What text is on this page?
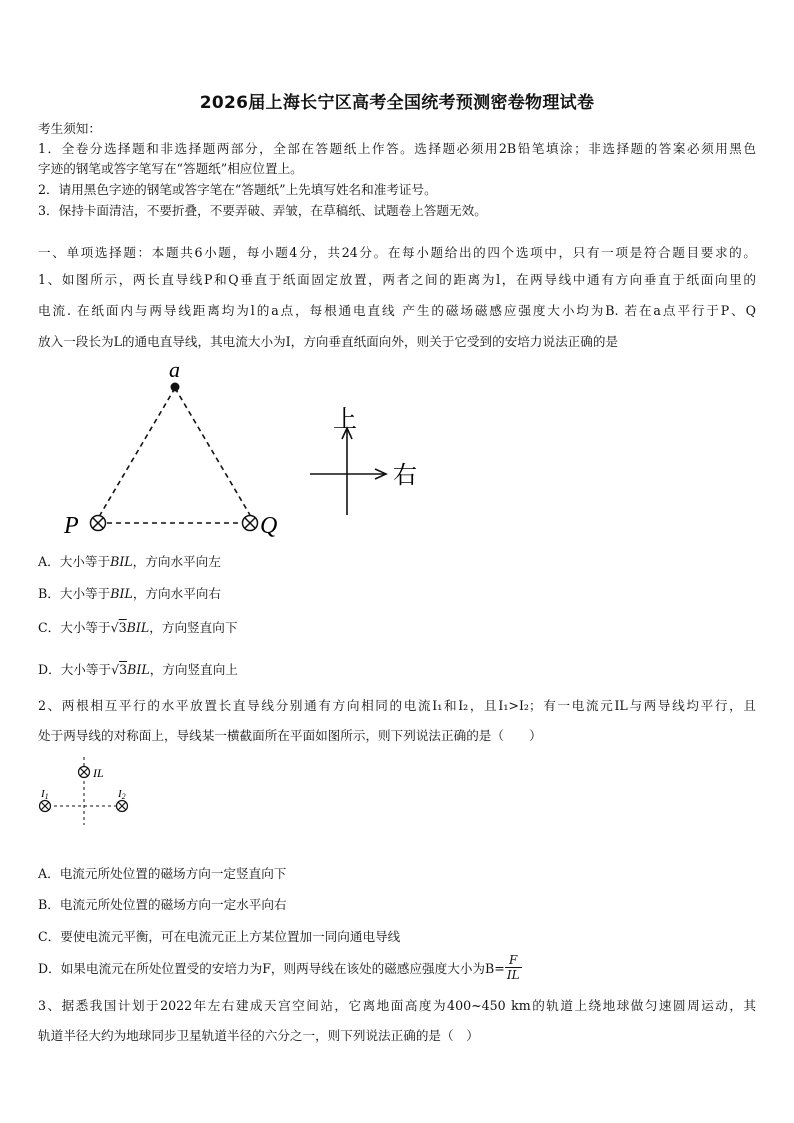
2026届上海长宁区高考全国统考预测密卷物理试卷
考生须知：
1．全卷分选择题和非选择题两部分，全部在答题纸上作答。选择题必须用2B铅笔填涂；非选择题的答案必须用黑色
字迹的钢笔或答字笔写在“答题纸”相应位置上。
2．请用黑色字迹的钢笔或答字笔在“答题纸”上先填写姓名和准考证号。
3．保持卡面清洁，不要折叠，不要弄破、弄皱，在草稿纸、试题卷上答题无效。
一、单项选择题：本题共6小题，每小题4分，共24分。在每小题给出的四个选项中，只有一项是符合题目要求的。
1、如图所示，两长直导线P和Q垂直于纸面固定放置，两者之间的距离为l，在两导线中通有方向垂直于纸面向里的
电流. 在纸面内与两导线距离均为l的a点，每根通电直线 产生的磁场磁感应强度大小均为B. 若在a点平行于P、Q
放入一段长为L的通电直导线，其电流大小为I，方向垂直纸面向外，则关于它受到的安培力说法正确的是
a
P	Q
上
右
A．大小等于BIL，方向水平向左
B．大小等于BIL，方向水平向右
C．大小等于√3BIL，方向竖直向下
D．大小等于√3BIL，方向竖直向上
2、两根相互平行的水平放置长直导线分别通有方向相同的电流I₁和I₂，且I₁>I₂；有一电流元IL与两导线均平行，且
处于两导线的对称面上，导线某一横截面所在平面如图所示，则下列说法正确的是（　　）
IL
I1	I2
A．电流元所处位置的磁场方向一定竖直向下
B．电流元所处位置的磁场方向一定水平向右
C．要使电流元平衡，可在电流元正上方某位置加一同向通电导线
D．如果电流元在所处位置受的安培力为F，则两导线在该处的磁感应强度大小为$B= \frac{F}{IL}$
3、据悉我国计划于2022年左右建成天宫空间站，它离地面高度为400~450 km的轨道上绕地球做匀速圆周运动，其
轨道半径大约为地球同步卫星轨道半径的六分之一，则下列说法正确的是（　）
